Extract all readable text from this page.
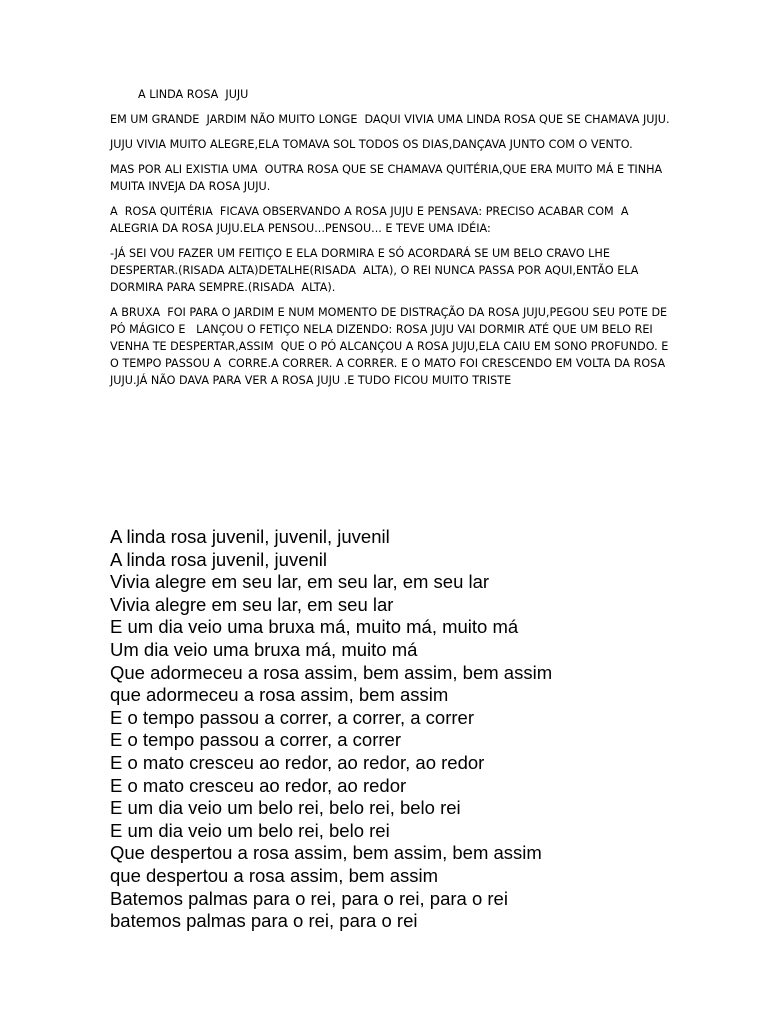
A LINDA ROSA  JUJU

EM UM GRANDE  JARDIM NÃO MUITO LONGE  DAQUI VIVIA UMA LINDA ROSA QUE SE CHAMAVA JUJU.

JUJU VIVIA MUITO ALEGRE,ELA TOMAVA SOL TODOS OS DIAS,DANÇAVA JUNTO COM O VENTO.

MAS POR ALI EXISTIA UMA  OUTRA ROSA QUE SE CHAMAVA QUITÉRIA,QUE ERA MUITO MÁ E TINHA MUITA INVEJA DA ROSA JUJU.

A  ROSA QUITÉRIA  FICAVA OBSERVANDO A ROSA JUJU E PENSAVA: PRECISO ACABAR COM  A ALEGRIA DA ROSA JUJU.ELA PENSOU...PENSOU... E TEVE UMA IDÉIA:

-JÁ SEI VOU FAZER UM FEITIÇO E ELA DORMIRA E SÓ ACORDARÁ SE UM BELO CRAVO LHE DESPERTAR.(RISADA ALTA)DETALHE(RISADA  ALTA), O REI NUNCA PASSA POR AQUI,ENTÃO ELA DORMIRA PARA SEMPRE.(RISADA  ALTA).

A BRUXA  FOI PARA O JARDIM E NUM MOMENTO DE DISTRAÇÃO DA ROSA JUJU,PEGOU SEU POTE DE PÓ MÁGICO E   LANÇOU O FETIÇO NELA DIZENDO: ROSA JUJU VAI DORMIR ATÉ QUE UM BELO REI VENHA TE DESPERTAR,ASSIM  QUE O PÓ ALCANÇOU A ROSA JUJU,ELA CAIU EM SONO PROFUNDO. E O TEMPO PASSOU A  CORRE.A CORRER. A CORRER. E O MATO FOI CRESCENDO EM VOLTA DA ROSA JUJU.JÁ NÃO DAVA PARA VER A ROSA JUJU .E TUDO FICOU MUITO TRISTE

A linda rosa juvenil, juvenil, juvenil
A linda rosa juvenil, juvenil
Vivia alegre em seu lar, em seu lar, em seu lar
Vivia alegre em seu lar, em seu lar
E um dia veio uma bruxa má, muito má, muito má
Um dia veio uma bruxa má, muito má
Que adormeceu a rosa assim, bem assim, bem assim
que adormeceu a rosa assim, bem assim
E o tempo passou a correr, a correr, a correr
E o tempo passou a correr, a correr
E o mato cresceu ao redor, ao redor, ao redor
E o mato cresceu ao redor, ao redor
E um dia veio um belo rei, belo rei, belo rei
E um dia veio um belo rei, belo rei
Que despertou a rosa assim, bem assim, bem assim
que despertou a rosa assim, bem assim
Batemos palmas para o rei, para o rei, para o rei
batemos palmas para o rei, para o rei
